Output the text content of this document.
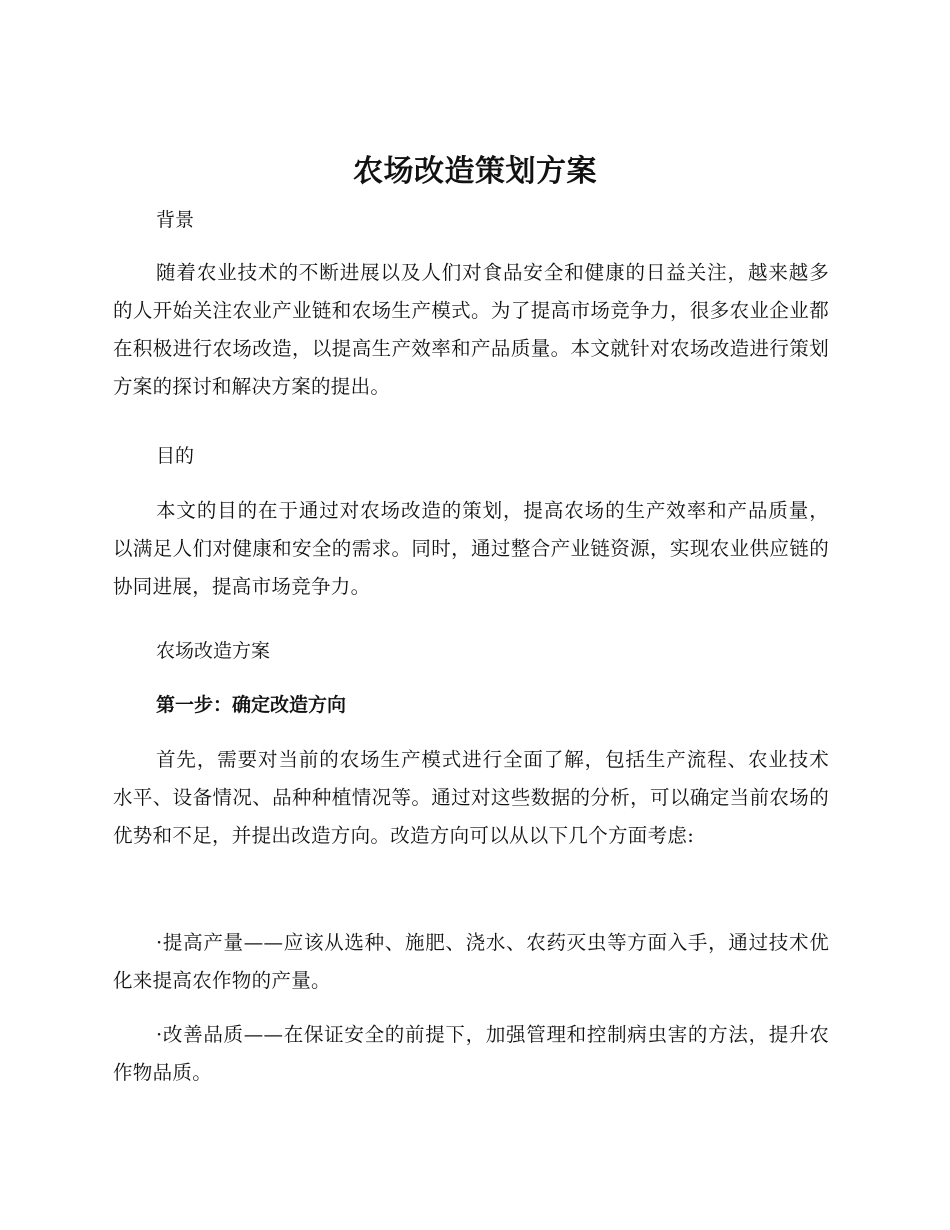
农场改造策划方案
背景

随着农业技术的不断进展以及人们对食品安全和健康的日益关注，越来越多的人开始关注农业产业链和农场生产模式。为了提高市场竞争力，很多农业企业都在积极进行农场改造，以提高生产效率和产品质量。本文就针对农场改造进行策划方案的探讨和解决方案的提出。

目的

本文的目的在于通过对农场改造的策划，提高农场的生产效率和产品质量，以满足人们对健康和安全的需求。同时，通过整合产业链资源，实现农业供应链的协同进展，提高市场竞争力。

农场改造方案
第一步：确定改造方向

首先，需要对当前的农场生产模式进行全面了解，包括生产流程、农业技术水平、设备情况、品种种植情况等。通过对这些数据的分析，可以确定当前农场的优势和不足，并提出改造方向。改造方向可以从以下几个方面考虑:

·提高产量——应该从选种、施肥、浇水、农药灭虫等方面入手，通过技术优化来提高农作物的产量。

·改善品质——在保证安全的前提下，加强管理和控制病虫害的方法，提升农作物品质。
